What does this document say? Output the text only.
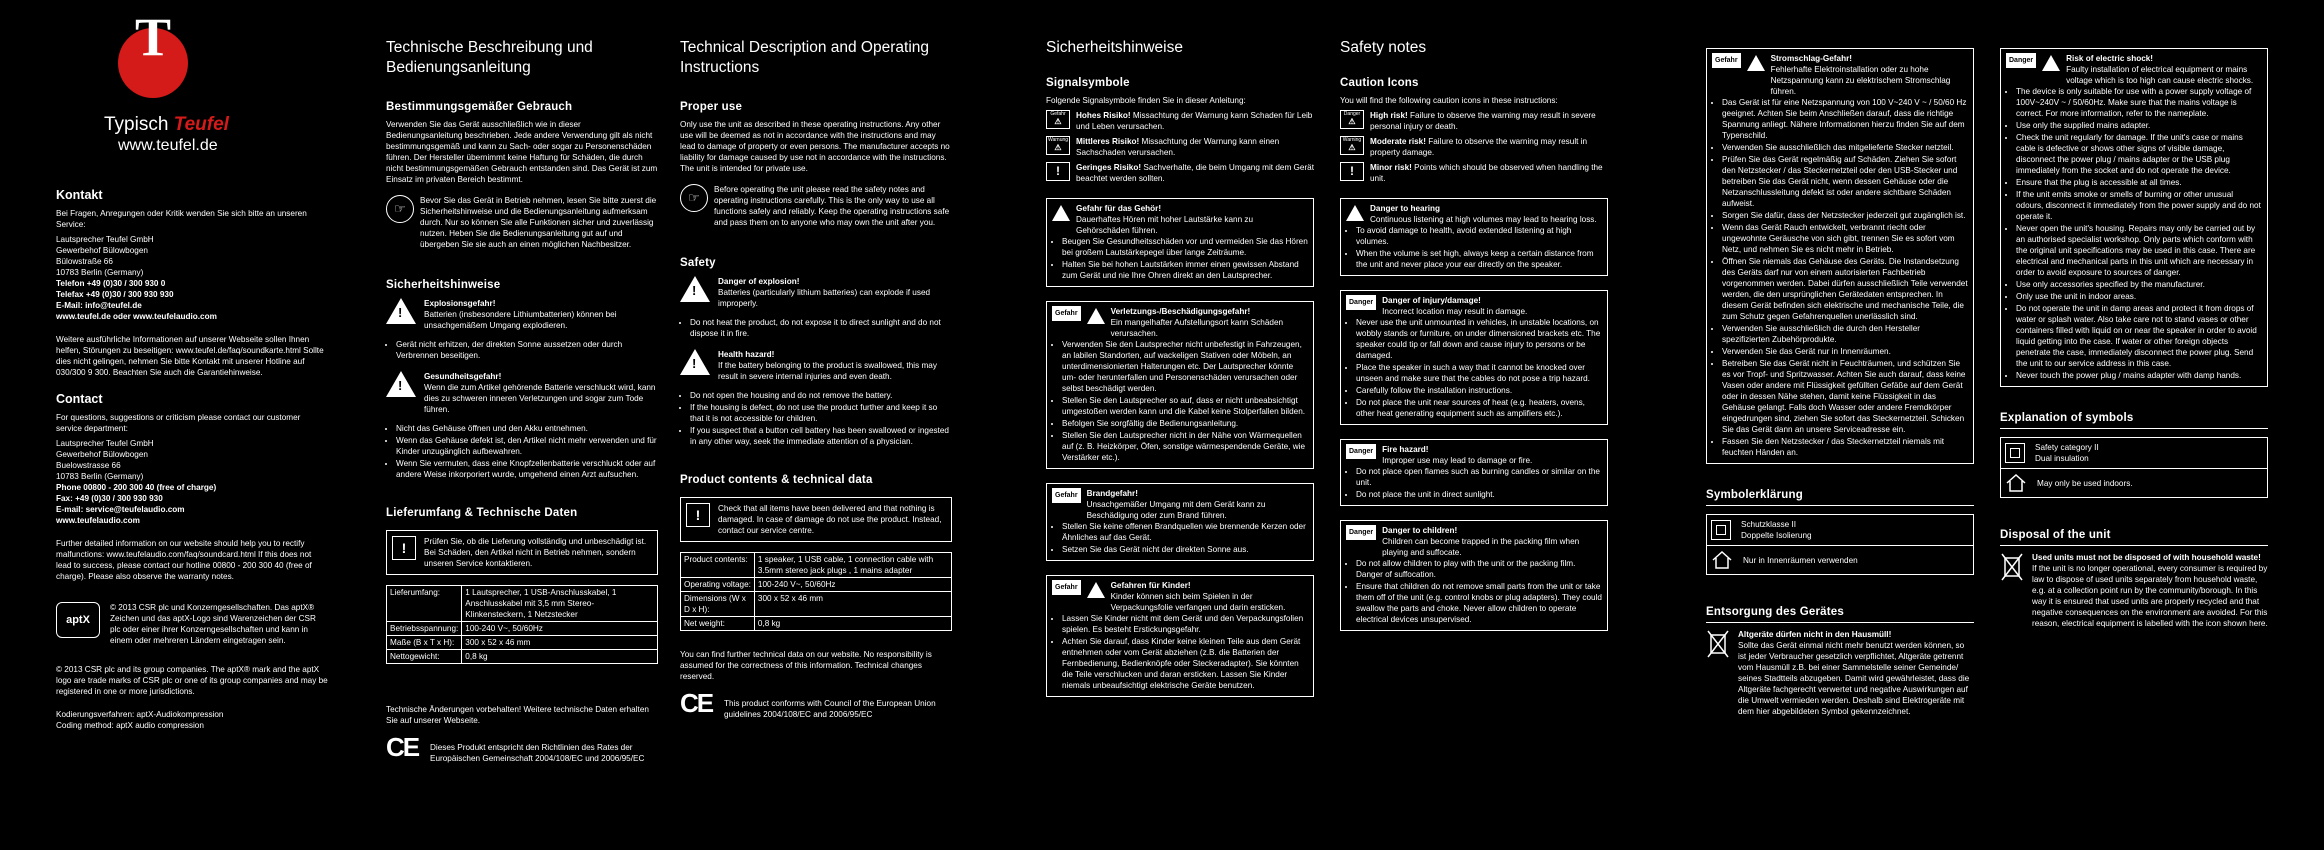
T
Typisch Teufel
www.teufel.de
Kontakt

Bei Fragen, Anregungen oder Kritik wenden Sie sich bitte an unseren Service:

Lautsprecher Teufel GmbH
Gewerbehof Bülowbogen
Bülowstraße 66
10783 Berlin (Germany)
Telefon +49 (0)30 / 300 930 0
Telefax +49 (0)30 / 300 930 930
E-Mail: info@teufel.de

www.teufel.de oder www.teufelaudio.com

Weitere ausführliche Informationen auf unserer Webseite sollen Ihnen helfen, Störungen zu beseitigen: www.teufel.de/faq/soundkarte.html Sollte dies nicht gelingen, nehmen Sie bitte Kontakt mit unserer Hotline auf 030/300 9 300. Beachten Sie auch die Garantiehinweise.

Contact

For questions, suggestions or criticism please contact our customer service department:

Lautsprecher Teufel GmbH
Gewerbehof Bülowbogen
Buelowstrasse 66
10783 Berlin (Germany)
Phone 00800 - 200 300 40 (free of charge)
Fax: +49 (0)30 / 300 930 930
E-mail: service@teufelaudio.com

www.teufelaudio.com

Further detailed information on our website should help you to rectify malfunctions: www.teufelaudio.com/faq/soundcard.html If this does not lead to success, please contact our hotline 00800 - 200 300 40 (free of charge). Please also observe the warranty notes.

aptX

© 2013 CSR plc und Konzerngesellschaften. Das aptX® Zeichen und das aptX-Logo sind Warenzeichen der CSR plc oder einer ihrer Konzerngesellschaften und kann in einem oder mehreren Ländern eingetragen sein.

© 2013 CSR plc and its group companies. The aptX® mark and the aptX logo are trade marks of CSR plc or one of its group companies and may be registered in one or more jurisdictions.

Kodierungsverfahren: aptX-Audiokompression
Coding method: aptX audio compression
Technische Beschreibung und Bedienungsanleitung
Bestimmungsgemäßer Gebrauch

Verwenden Sie das Gerät ausschließlich wie in dieser Bedienungsanleitung beschrieben. Jede andere Verwendung gilt als nicht bestimmungsgemäß und kann zu Sach- oder sogar zu Personenschäden führen. Der Hersteller übernimmt keine Haftung für Schäden, die durch nicht bestimmungsgemäßen Gebrauch entstanden sind. Das Gerät ist zum Einsatz im privaten Bereich bestimmt.

☞

Bevor Sie das Gerät in Betrieb nehmen, lesen Sie bitte zuerst die Sicherheitshinweise und die Bedienungsanleitung aufmerksam durch. Nur so können Sie alle Funktionen sicher und zuverlässig nutzen. Heben Sie die Bedienungsanleitung gut auf und übergeben Sie sie auch an einen möglichen Nachbesitzer.

Sicherheitshinweise
!
Explosionsgefahr!
Batterien (insbesondere Lithiumbatterien) können bei unsachgemäßem Umgang explodieren.
• Gerät nicht erhitzen, der direkten Sonne aussetzen oder durch Verbrennen beseitigen.
!
Gesundheitsgefahr!
Wenn die zum Artikel gehörende Batterie verschluckt wird, kann dies zu schweren inneren Verletzungen und sogar zum Tode führen.
• Nicht das Gehäuse öffnen und den Akku entnehmen.
• Wenn das Gehäuse defekt ist, den Artikel nicht mehr verwenden und für Kinder unzugänglich aufbewahren.
• Wenn Sie vermuten, dass eine Knopfzellenbatterie verschluckt oder auf andere Weise inkorporiert wurde, umgehend einen Arzt aufsuchen.
Lieferumfang & Technische Daten
!	Prüfen Sie, ob die Lieferung vollständig und unbeschädigt ist. Bei Schäden, den Artikel nicht in Betrieb nehmen, sondern unseren Service kontaktieren.
Lieferumfang:	1 Lautsprecher, 1 USB-Anschlusskabel, 1 Anschlusskabel mit 3,5 mm Stereo-Klinkensteckern, 1 Netzstecker
Betriebsspannung:	100-240 V~, 50/60Hz
Maße (B x T x H):	300 x 52 x 46 mm
Nettogewicht:	0,8 kg

Technische Änderungen vorbehalten! Weitere technische Daten erhalten Sie auf unserer Webseite.

CE	Dieses Produkt entspricht den Richtlinien des Rates der Europäischen Gemeinschaft 2004/108/EC und 2006/95/EC

Technical Description and Operating Instructions
Proper use

Only use the unit as described in these operating instructions. Any other use will be deemed as not in accordance with the instructions and may lead to damage of property or even persons. The manufacturer accepts no liability for damage caused by use not in accordance with the instructions. The unit is intended for private use.

☞

Before operating the unit please read the safety notes and operating instructions carefully. This is the only way to use all functions safely and reliably. Keep the operating instructions safe and pass them on to anyone who may own the unit after you.

Safety
!
Danger of explosion!
Batteries (particularly lithium batteries) can explode if used improperly.
• Do not heat the product, do not expose it to direct sunlight and do not dispose it in fire.
!
Health hazard!
If the battery belonging to the product is swallowed, this may result in severe internal injuries and even death.
• Do not open the housing and do not remove the battery.
• If the housing is defect, do not use the product further and keep it so that it is not accessible for children.
• If you suspect that a button cell battery has been swallowed or ingested in any other way, seek the immediate attention of a physician.
Product contents & technical data
!	Check that all items have been delivered and that nothing is damaged. In case of damage do not use the product. Instead, contact our service centre.
Product contents:	1 speaker, 1 USB cable, 1 connection cable with 3.5mm stereo jack plugs , 1 mains adapter
Operating voltage:	100-240 V~, 50/60Hz
Dimensions (W x D x H):	300 x 52 x 46 mm
Net weight:	0,8 kg

You can find further technical data on our website. No responsibility is assumed for the correctness of this information. Technical changes reserved.

CE	This product conforms with Council of the European Union guidelines 2004/108/EC and 2006/95/EC

Sicherheitshinweise
Signalsymbole

Folgende Signalsymbole finden Sie in dieser Anleitung:

Gefahr
⚠
Hohes Risiko! Missachtung der Warnung kann Schaden für Leib und Leben verursachen.
Warnung
⚠
Mittleres Risiko! Missachtung der Warnung kann einen Sachschaden verursachen.
!	Geringes Risiko! Sachverhalte, die beim Umgang mit dem Gerät beachtet werden sollten.
Gefahr für das Gehör!
Dauerhaftes Hören mit hoher Lautstärke kann zu Gehörschäden führen.
• Beugen Sie Gesundheitsschäden vor und vermeiden Sie das Hören bei großem Lautstärkepegel über lange Zeiträume.
• Halten Sie bei hohen Lautstärken immer einen gewissen Abstand zum Gerät und nie Ihre Ohren direkt an den Lautsprecher.
Gefahr	Verletzungs-/Beschädigungsgefahr!
Ein mangelhafter Aufstellungsort kann Schäden verursachen.
• Verwenden Sie den Lautsprecher nicht unbefestigt in Fahrzeugen, an labilen Standorten, auf wackeligen Stativen oder Möbeln, an unterdimensionierten Halterungen etc. Der Lautsprecher könnte um- oder herunterfallen und Personenschäden verursachen oder selbst beschädigt werden.
• Stellen Sie den Lautsprecher so auf, dass er nicht unbeabsichtigt umgestoßen werden kann und die Kabel keine Stolperfallen bilden.
• Befolgen Sie sorgfältig die Bedienungsanleitung.
• Stellen Sie den Lautsprecher nicht in der Nähe von Wärmequellen auf (z. B. Heizkörper, Öfen, sonstige wärmespendende Geräte, wie Verstärker etc.).
Gefahr	Brandgefahr!
Unsachgemäßer Umgang mit dem Gerät kann zu Beschädigung oder zum Brand führen.
• Stellen Sie keine offenen Brandquellen wie brennende Kerzen oder Ähnliches auf das Gerät.
• Setzen Sie das Gerät nicht der direkten Sonne aus.
Gefahr	Gefahren für Kinder!
Kinder können sich beim Spielen in der Verpackungsfolie verfangen und darin ersticken.
• Lassen Sie Kinder nicht mit dem Gerät und den Verpackungsfolien spielen. Es besteht Erstickungsgefahr.
• Achten Sie darauf, dass Kinder keine kleinen Teile aus dem Gerät entnehmen oder vom Gerät abziehen (z.B. die Batterien der Fernbedienung, Bedienknöpfe oder Steckeradapter). Sie könnten die Teile verschlucken und daran ersticken. Lassen Sie Kinder niemals unbeaufsichtigt elektrische Geräte benutzen.
Safety notes
Caution Icons

You will find the following caution icons in these instructions:

Danger
⚠
High risk! Failure to observe the warning may result in severe personal injury or death.
Warning
⚠
Moderate risk! Failure to observe the warning may result in property damage.
!	Minor risk! Points which should be observed when handling the unit.
Danger to hearing
Continuous listening at high volumes may lead to hearing loss.
• To avoid damage to health, avoid extended listening at high volumes.
• When the volume is set high, always keep a certain distance from the unit and never place your ear directly on the speaker.
Danger	Danger of injury/damage!
Incorrect location may result in damage.
• Never use the unit unmounted in vehicles, in unstable locations, on wobbly stands or furniture, on under dimensioned brackets etc. The speaker could tip or fall down and cause injury to persons or be damaged.
• Place the speaker in such a way that it cannot be knocked over unseen and make sure that the cables do not pose a trip hazard.
• Carefully follow the installation instructions.
• Do not place the unit near sources of heat (e.g. heaters, ovens, other heat generating equipment such as amplifiers etc.).
Danger	Fire hazard!
Improper use may lead to damage or fire.
• Do not place open flames such as burning candles or similar on the unit.
• Do not place the unit in direct sunlight.
Danger	Danger to children!
Children can become trapped in the packing film when playing and suffocate.
• Do not allow children to play with the unit or the packing film. Danger of suffocation.
• Ensure that children do not remove small parts from the unit or take them off of the unit (e.g. control knobs or plug adapters). They could swallow the parts and choke. Never allow children to operate electrical devices unsupervised.
Gefahr	Stromschlag-Gefahr!
Fehlerhafte Elektroinstallation oder zu hohe Netzspannung kann zu elektrischem Stromschlag führen.
• Das Gerät ist für eine Netzspannung von 100 V~240 V ~ / 50/60 Hz geeignet. Achten Sie beim Anschließen darauf, dass die richtige Spannung anliegt. Nähere Informationen hierzu finden Sie auf dem Typenschild.
• Verwenden Sie ausschließlich das mitgelieferte Stecker netzteil.
• Prüfen Sie das Gerät regelmäßig auf Schäden. Ziehen Sie sofort den Netzstecker / das Steckernetzteil oder den USB-Stecker und betreiben Sie das Gerät nicht, wenn dessen Gehäuse oder die Netzanschlussleitung defekt ist oder andere sichtbare Schäden aufweist.
• Sorgen Sie dafür, dass der Netzstecker jederzeit gut zugänglich ist.
• Wenn das Gerät Rauch entwickelt, verbrannt riecht oder ungewohnte Geräusche von sich gibt, trennen Sie es sofort vom Netz, und nehmen Sie es nicht mehr in Betrieb.
• Öffnen Sie niemals das Gehäuse des Geräts. Die Instandsetzung des Geräts darf nur von einem autorisierten Fachbetrieb vorgenommen werden. Dabei dürfen ausschließlich Teile verwendet werden, die den ursprünglichen Gerätedaten entsprechen. In diesem Gerät befinden sich elektrische und mechanische Teile, die zum Schutz gegen Gefahrenquellen unerlässlich sind.
• Verwenden Sie ausschließlich die durch den Hersteller spezifizierten Zubehörprodukte.
• Verwenden Sie das Gerät nur in Innenräumen.
• Betreiben Sie das Gerät nicht in Feuchträumen, und schützen Sie es vor Tropf- und Spritzwasser. Achten Sie auch darauf, dass keine Vasen oder andere mit Flüssigkeit gefüllten Gefäße auf dem Gerät oder in dessen Nähe stehen, damit keine Flüssigkeit in das Gehäuse gelangt. Falls doch Wasser oder andere Fremdkörper eingedrungen sind, ziehen Sie sofort das Steckernetzteil. Schicken Sie das Gerät dann an unsere Serviceadresse ein.
• Fassen Sie den Netzstecker / das Steckernetzteil niemals mit feuchten Händen an.
Symbolerklärung
Schutzklasse II
Doppelte Isolierung
Nur in Innenräumen verwenden
Entsorgung des Gerätes
Altgeräte dürfen nicht in den Hausmüll!
Sollte das Gerät einmal nicht mehr benutzt werden können, so ist jeder Verbraucher gesetzlich verpflichtet, Altgeräte getrennt vom Hausmüll z.B. bei einer Sammelstelle seiner Gemeinde/ seines Stadtteils abzugeben. Damit wird gewährleistet, dass die Altgeräte fachgerecht verwertet und negative Auswirkungen auf die Umwelt vermieden werden. Deshalb sind Elektrogeräte mit dem hier abgebildeten Symbol gekennzeichnet.
Danger	Risk of electric shock!
Faulty installation of electrical equipment or mains voltage which is too high can cause electric shocks.
• The device is only suitable for use with a power supply voltage of 100V~240V ~ / 50/60Hz. Make sure that the mains voltage is correct. For more information, refer to the nameplate.
• Use only the supplied mains adapter.
• Check the unit regularly for damage. If the unit's case or mains cable is defective or shows other signs of visible damage, disconnect the power plug / mains adapter or the USB plug immediately from the socket and do not operate the device.
• Ensure that the plug is accessible at all times.
• If the unit emits smoke or smells of burning or other unusual odours, disconnect it immediately from the power supply and do not operate it.
• Never open the unit's housing. Repairs may only be carried out by an authorised specialist workshop. Only parts which conform with the original unit specifications may be used in this case. There are electrical and mechanical parts in this unit which are necessary in order to avoid exposure to sources of danger.
• Use only accessories specified by the manufacturer.
• Only use the unit in indoor areas.
• Do not operate the unit in damp areas and protect it from drops of water or splash water. Also take care not to stand vases or other containers filled with liquid on or near the speaker in order to avoid liquid getting into the case. If water or other foreign objects penetrate the case, immediately disconnect the power plug. Send the unit to our service address in this case.
• Never touch the power plug / mains adapter with damp hands.
Explanation of symbols
Safety category II
Dual insulation
May only be used indoors.
Disposal of the unit
Used units must not be disposed of with household waste!
If the unit is no longer operational, every consumer is required by law to dispose of used units separately from household waste, e.g. at a collection point run by the community/borough. In this way it is ensured that used units are properly recycled and that negative consequences on the environment are avoided. For this reason, electrical equipment is labelled with the icon shown here.
